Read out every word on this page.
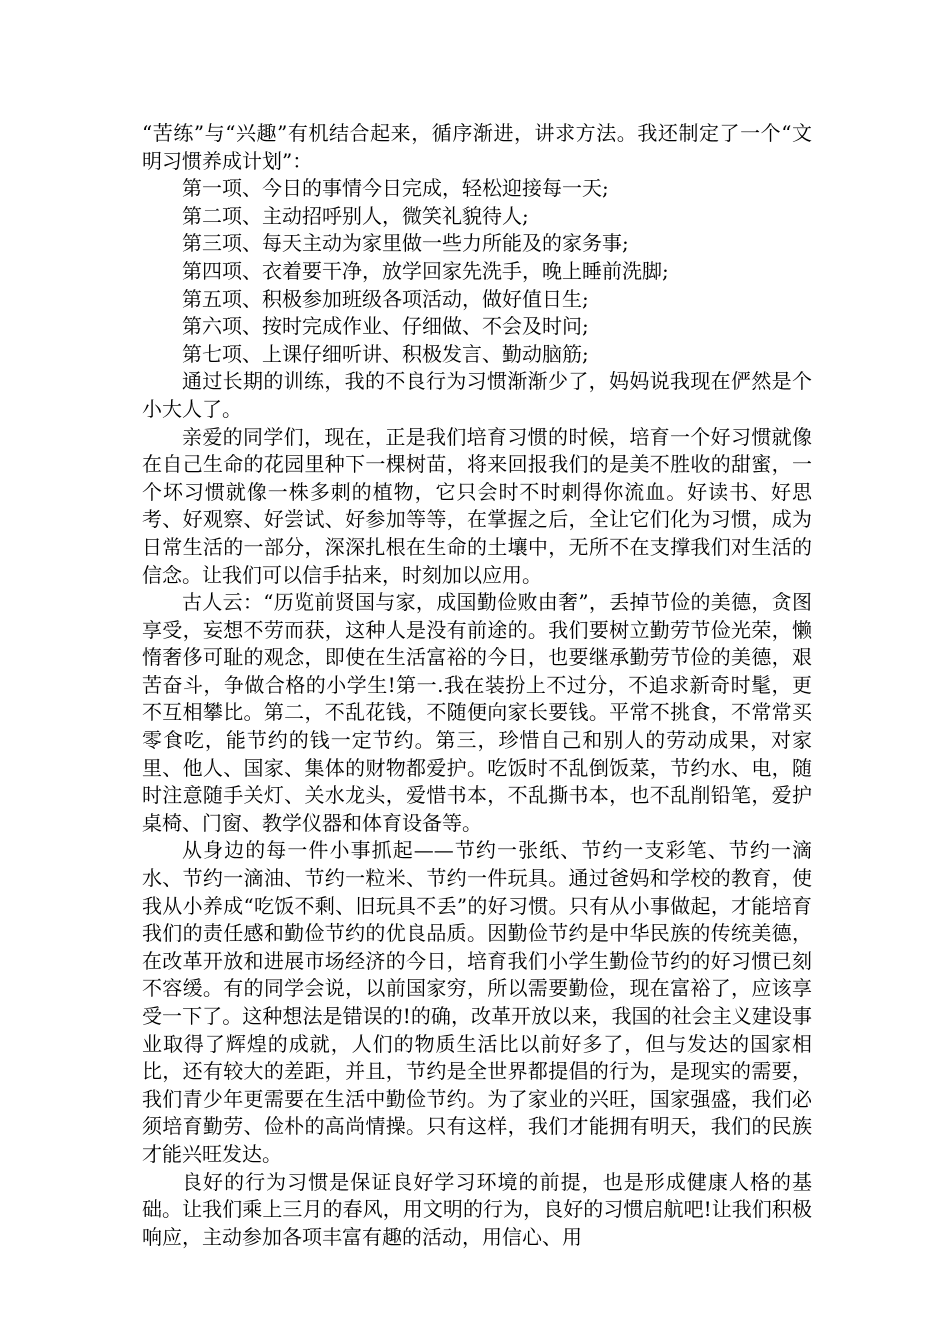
“苦练”与“兴趣”有机结合起来，循序渐进，讲求方法。我还制定了一个“文明习惯养成计划”：

第一项、今日的事情今日完成，轻松迎接每一天;

第二项、主动招呼别人，微笑礼貌待人;

第三项、每天主动为家里做一些力所能及的家务事;

第四项、衣着要干净，放学回家先洗手，晚上睡前洗脚;

第五项、积极参加班级各项活动，做好值日生;

第六项、按时完成作业、仔细做、不会及时问;

第七项、上课仔细听讲、积极发言、勤动脑筋;

通过长期的训练，我的不良行为习惯渐渐少了，妈妈说我现在俨然是个小大人了。

亲爱的同学们，现在，正是我们培育习惯的时候，培育一个好习惯就像在自己生命的花园里种下一棵树苗，将来回报我们的是美不胜收的甜蜜，一个坏习惯就像一株多刺的植物，它只会时不时刺得你流血。好读书、好思考、好观察、好尝试、好参加等等，在掌握之后，全让它们化为习惯，成为日常生活的一部分，深深扎根在生命的土壤中，无所不在支撑我们对生活的信念。让我们可以信手拈来，时刻加以应用。

古人云：“历览前贤国与家，成国勤俭败由奢”，丢掉节俭的美德，贪图享受，妄想不劳而获，这种人是没有前途的。我们要树立勤劳节俭光荣，懒惰奢侈可耻的观念，即使在生活富裕的今日，也要继承勤劳节俭的美德，艰苦奋斗，争做合格的小学生!第一.我在装扮上不过分，不追求新奇时髦，更不互相攀比。第二，不乱花钱，不随便向家长要钱。平常不挑食，不常常买零食吃，能节约的钱一定节约。第三，珍惜自己和别人的劳动成果，对家里、他人、国家、集体的财物都爱护。吃饭时不乱倒饭菜，节约水、电，随时注意随手关灯、关水龙头，爱惜书本，不乱撕书本，也不乱削铅笔，爱护桌椅、门窗、教学仪器和体育设备等。

从身边的每一件小事抓起——节约一张纸、节约一支彩笔、节约一滴水、节约一滴油、节约一粒米、节约一件玩具。通过爸妈和学校的教育，使我从小养成“吃饭不剩、旧玩具不丢”的好习惯。只有从小事做起，才能培育我们的责任感和勤俭节约的优良品质。因勤俭节约是中华民族的传统美德，在改革开放和进展市场经济的今日，培育我们小学生勤俭节约的好习惯已刻不容缓。有的同学会说，以前国家穷，所以需要勤俭，现在富裕了，应该享受一下了。这种想法是错误的!的确，改革开放以来，我国的社会主义建设事业取得了辉煌的成就，人们的物质生活比以前好多了，但与发达的国家相比，还有较大的差距，并且，节约是全世界都提倡的行为，是现实的需要，我们青少年更需要在生活中勤俭节约。为了家业的兴旺，国家强盛，我们必须培育勤劳、俭朴的高尚情操。只有这样，我们才能拥有明天，我们的民族才能兴旺发达。

良好的行为习惯是保证良好学习环境的前提，也是形成健康人格的基础。让我们乘上三月的春风，用文明的行为，良好的习惯启航吧!让我们积极响应，主动参加各项丰富有趣的活动，用信心、用
